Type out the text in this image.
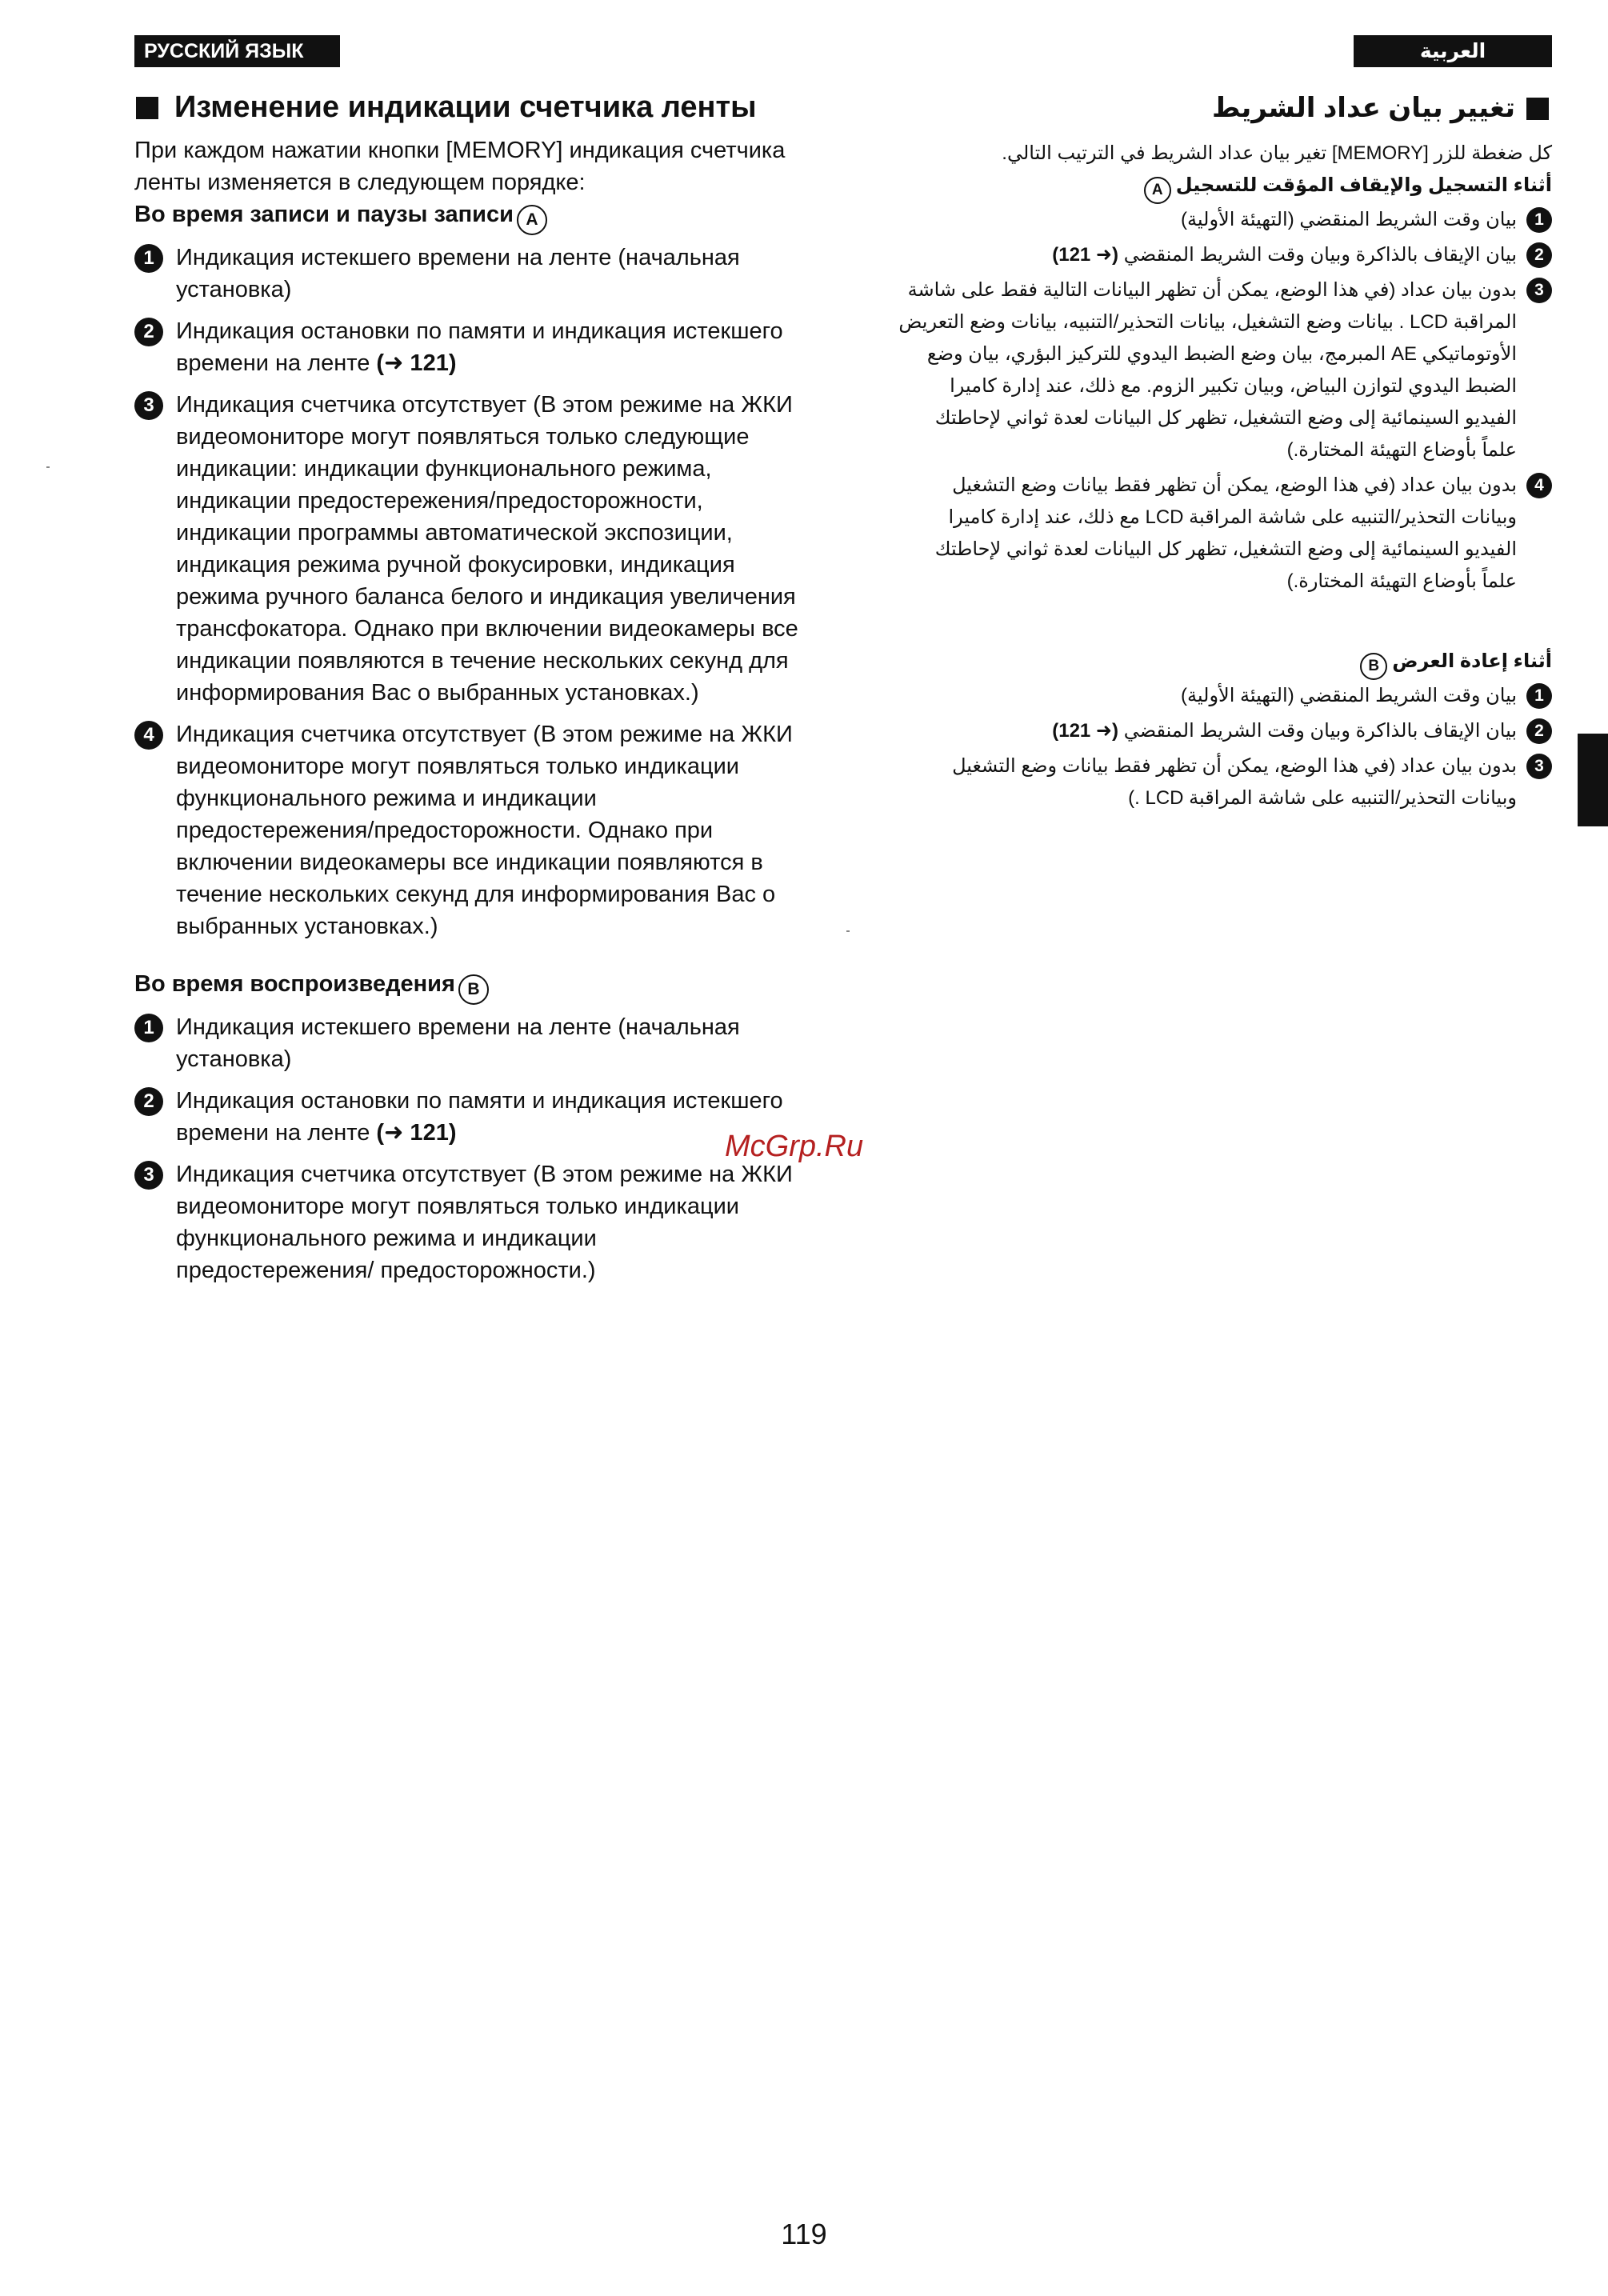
РУССКИЙ ЯЗЫК	العربية
Изменение индикации счетчика ленты

При каждом нажатии кнопки [MEMORY] индикация счетчика ленты изменяется в следующем порядке:

Во время записи и паузы записи A

1 Индикация истекшего времени на ленте (начальная установка)
2 Индикация остановки по памяти и индикация истекшего времени на ленте (➜ 121)
3 Индикация счетчика отсутствует (В этом режиме на ЖКИ видеомониторе могут появляться только следующие индикации: индикации функционального режима, индикации предостережения/предосторожности, индикации программы автоматической экспозиции, индикация режима ручной фокусировки, индикация режима ручного баланса белого и индикация увеличения трансфокатора. Однако при включении видеокамеры все индикации появляются в течение нескольких секунд для информирования Вас о выбранных установках.)
4 Индикация счетчика отсутствует (В этом режиме на ЖКИ видеомониторе могут появляться только индикации функционального режима и индикации предостережения/предосторожности. Однако при включении видеокамеры все индикации появляются в течение нескольких секунд для информирования Вас о выбранных установках.)

Во время воспроизведения B

1 Индикация истекшего времени на ленте (начальная установка)
2 Индикация остановки по памяти и индикация истекшего времени на ленте (➜ 121)
3 Индикация счетчика отсутствует (В этом режиме на ЖКИ видеомониторе могут появляться только индикации функционального режима и индикации предостережения/ предосторожности.)
تغيير بيان عداد الشريط

كل ضغطة للزر [MEMORY] تغير بيان عداد الشريط في الترتيب التالي.

أثناء التسجيل والإيقاف المؤقت للتسجيلA

1
بيان وقت الشريط المنقضي (التهيئة الأولية)
2
بيان الإيقاف بالذاكرة وبيان وقت الشريط المنقضي (➜ 121)
3
بدون بيان عداد (في هذا الوضع، يمكن أن تظهر البيانات التالية فقط على شاشة المراقبة LCD . بيانات وضع التشغيل، بيانات التحذير/التنبيه، بيانات وضع التعريض الأوتوماتيكي AE المبرمج، بيان وضع الضبط اليدوي للتركيز البؤري، بيان وضع الضبط اليدوي لتوازن البياض، وبيان تكبير الزوم. مع ذلك، عند إدارة كاميرا الفيديو السينمائية إلى وضع التشغيل، تظهر كل البيانات لعدة ثواني لإحاطتك علماً بأوضاع التهيئة المختارة.)
4
بدون بيان عداد (في هذا الوضع، يمكن أن تظهر فقط بيانات وضع التشغيل وبيانات التحذير/التنبيه على شاشة المراقبة LCD مع ذلك، عند إدارة كاميرا الفيديو السينمائية إلى وضع التشغيل، تظهر كل البيانات لعدة ثواني لإحاطتك علماً بأوضاع التهيئة المختارة.)

أثناء إعادة العرضB

1
بيان وقت الشريط المنقضي (التهيئة الأولية)
2
بيان الإيقاف بالذاكرة وبيان وقت الشريط المنقضي (➜ 121)
3
بدون بيان عداد (في هذا الوضع، يمكن أن تظهر فقط بيانات وضع التشغيل وبيانات التحذير/التنبيه على شاشة المراقبة LCD .)
McGrp.Ru
119
